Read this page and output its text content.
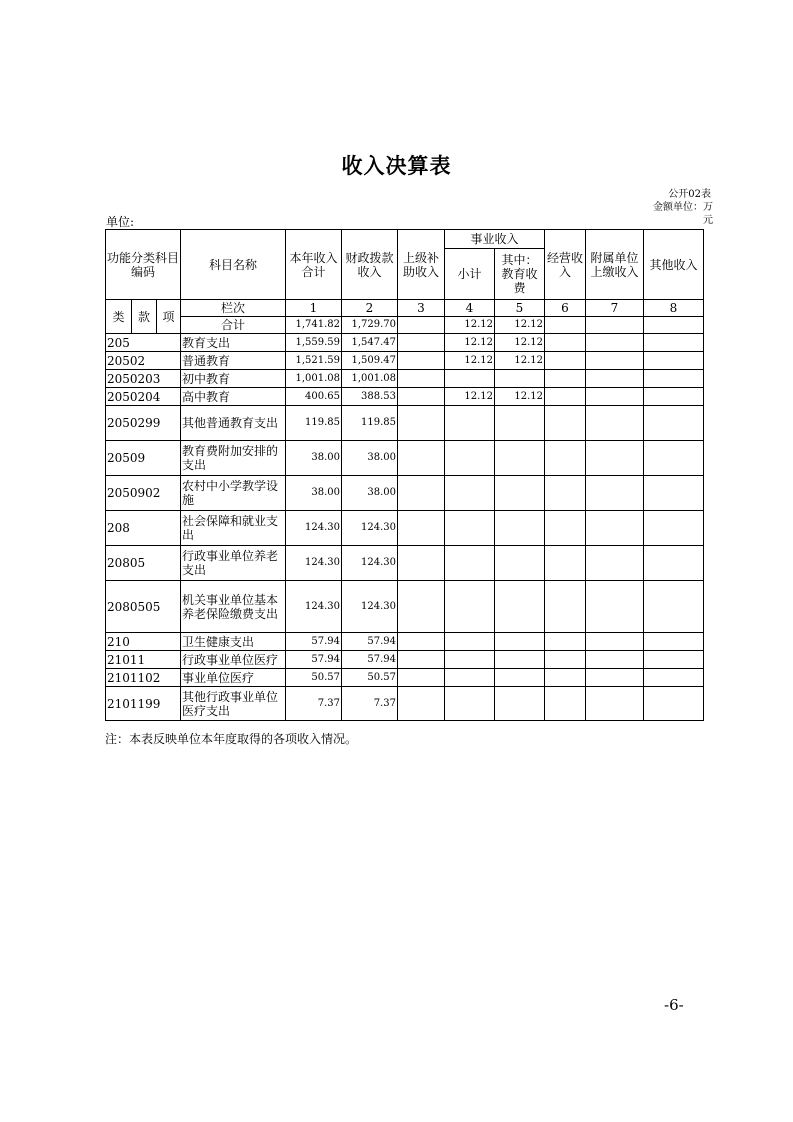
收入决算表
公开02表
金额单位：万元
单位:
功能分类科目编码			科目名称	本年收入合计	财政拨款收入	上级补助收入	事业收入		经营收入	附属单位上缴收入	其他收入
							小计	其中：教育收费			

类	款	项	栏次	1	2	3	4	5	6	7	8
			合计	1,741.82	1,729.70		12.12	12.12			
205			教育支出	1,559.59	1,547.47		12.12	12.12			
20502			普通教育	1,521.59	1,509.47		12.12	12.12			
2050203			初中教育	1,001.08	1,001.08						
2050204			高中教育	400.65	388.53		12.12	12.12			
2050299			其他普通教育支出	119.85	119.85						
20509			教育费附加安排的支出	38.00	38.00						
2050902			农村中小学教学设施	38.00	38.00						
208			社会保障和就业支出	124.30	124.30						
20805			行政事业单位养老支出	124.30	124.30						
2080505			机关事业单位基本养老保险缴费支出	124.30	124.30						
210			卫生健康支出	57.94	57.94						
21011			行政事业单位医疗	57.94	57.94						
2101102			事业单位医疗	50.57	50.57						
2101199			其他行政事业单位医疗支出	7.37	7.37						
注：本表反映单位本年度取得的各项收入情况。
-6-
